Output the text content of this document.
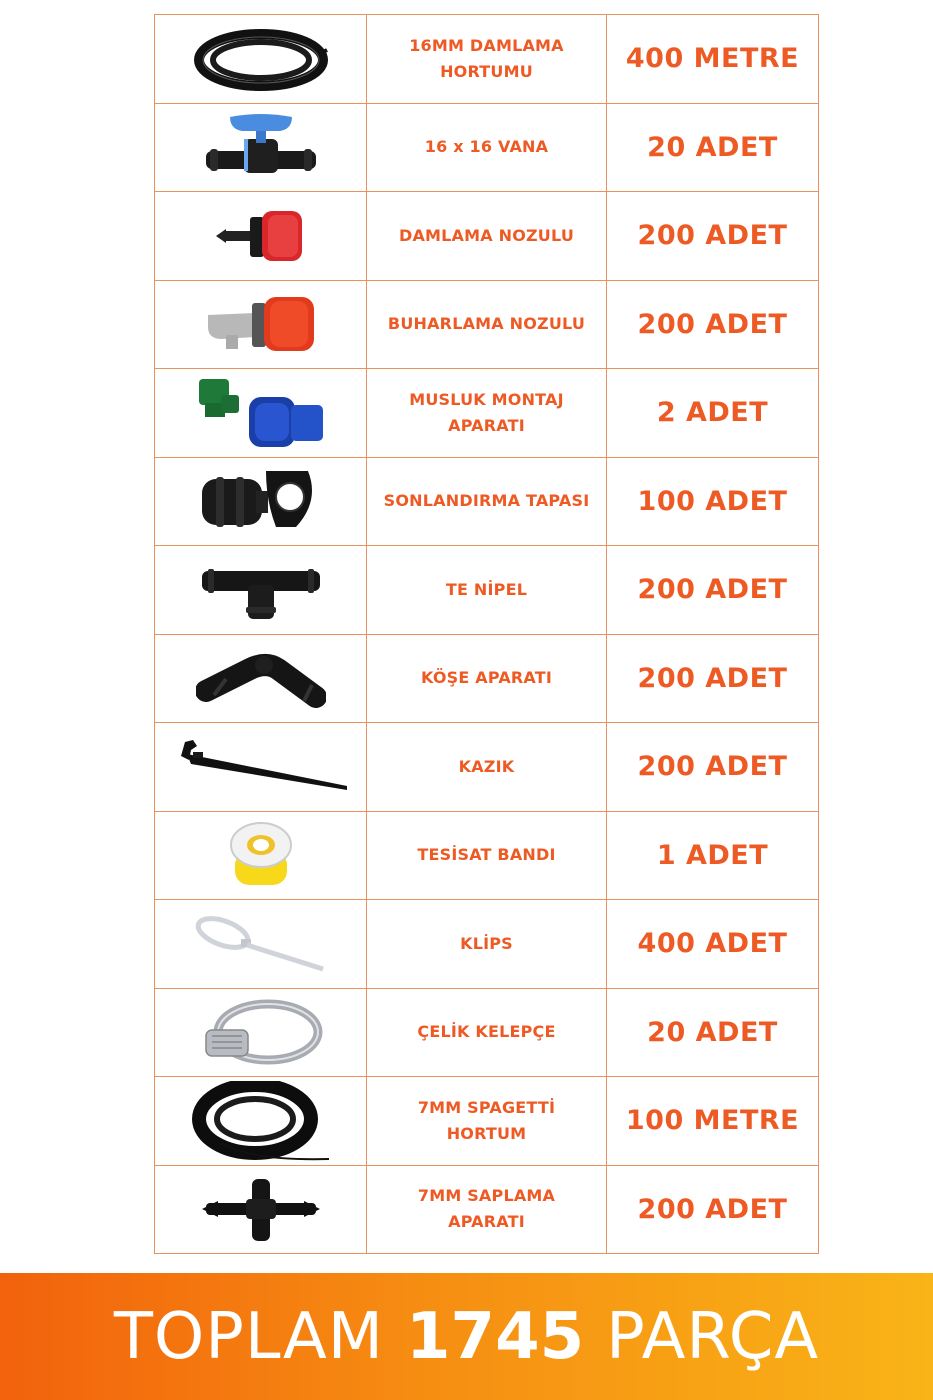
	16MM DAMLAMA HORTUMU	400 METRE

	16 x 16 VANA	20 ADET

	DAMLAMA NOZULU	200 ADET

	BUHARLAMA NOZULU	200 ADET

	MUSLUK MONTAJ APARATI	2 ADET

	SONLANDIRMA TAPASI	100 ADET

	TE NİPEL	200 ADET

	KÖŞE APARATI	200 ADET

	KAZIK	200 ADET

	TESİSAT BANDI	1 ADET

	KLİPS	400 ADET

	ÇELİK KELEPÇE	20 ADET

	7MM SPAGETTİ HORTUM	100 METRE

	7MM SAPLAMA APARATI	200 ADET
TOPLAM 1745 PARÇA
